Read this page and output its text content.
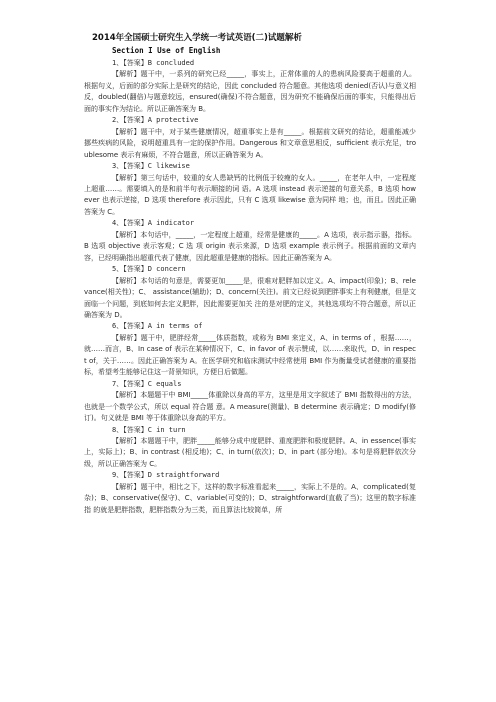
2014年全国硕士研究生入学统一考试英语(二)试题解析
Section I Use of English
1、【答案】B concluded
【解析】题干中，一系列的研究已经_____，事实上，正常体重的人的患病风险要高于超重的人。根据句义，后面的部分实际上是研究的结论，因此 concluded 符合题意。其他选项 denied(否认)与意义相反，doubled(翻倍)与题意较远，ensured(确保)不符合题意，因为研究不能确保后面的事实，只能得出后面的事实作为结论。所以正确答案为 B。
2、【答案】A protective
【解析】题干中，对于某些健康情况，超重事实上是有_____。根据前文研究的结论，超重能减少挪些疾病的风险，说明超重具有一定的保护作用。Dangerous 和文章意思相反，sufficient 表示充足，troublesome 表示有麻烦，不符合题意，所以正确答案为 A。
3、【答案】C likewise
【解析】第三句话中，较重的女人患缺钙的比例低于较瘦的女人。_____，在老年人中，一定程度上超重……。需要填入的是和前半句表示顺接的词 语。A 选项 instead 表示逆接的句意关系，B 选项 however 也表示逆接，D 选项 therefore 表示因此，只有 C 选项 likewise 意为同样 地；也，而且。因此正确答案为 C。
4、【答案】A indicator
【解析】本句话中，_____，一定程度上超重，经常是健康的_____。A 选项，表示指示器，指标。B 选项 objective 表示客观；C 选 项 origin 表示来源，D 选项 example 表示例子。根据前面的文章内容，已经明确指出超重代表了健康，因此超重是健康的指标。因此正确答案为 A。
5、【答案】D concern
【解析】本句话的句意是，需要更加_____是，很难对肥胖加以定义。A、impact(印象)；B、relevance(相关性)；C、 assistance(辅助)；D、concern(关注)。前文已经说到肥胖事实上有利健康，但是文面临一个问题，到底如何去定义肥胖，因此需要更加关 注的是对肥的定义，其他选项均不符合题意，所以正确答案为 D。
6、【答案】A in terms of
【解析】题干中，肥胖经常_____体质指数，或称为 BMI 来定义，A、in terms of ，根据……，就……而言，B、In case of 表示在某种情况下，C、in favor of 表示赞成，以……来取代，D、in respect of，关于……。因此正确答案为 A。在医学研究和临床测试中经常使用 BMI 作为衡量受试者健康的重要指标，希望考生能够记住这一背景知识，方便日后做题。
7、【答案】C equals
【解析】本题题干中 BMI_____体重除以身高的平方，这里是用文字叙述了 BMI 指数得出的方法，也就是一个数学公式，所以 equal 符合题 意。A measure(测量)、B determine 表示确定；D modify(修订)。句义就是 BMI 等于体重除以身高的平方。
8、【答案】C in turn
【解析】本题题干中，肥胖_____能够分成中度肥胖、重度肥胖和极度肥胖。A、in essence(事实上，实际上)；B、in contrast (相反地)；C、in turn(依次)；D、in part (部分地)。本句是将肥胖依次分级，所以正确答案为 C。
9、【答案】D straightforward
【解析】题干中，相比之下，这样的数字标准看起来_____，实际上不是的。A、complicated(复杂)；B、conservative(保守)、C、variable(可变的)；D、straightforward(直截了当)；这里的数字标准指 的就是肥胖指数，肥胖指数分为三类，而且算法比较简单，所
